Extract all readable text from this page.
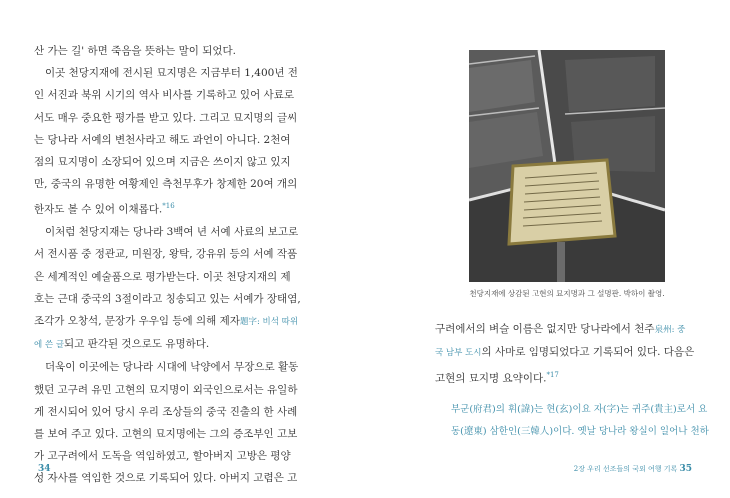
산 가는 길' 하면 죽음을 뜻하는 말이 되었다.
이곳 천당지재에 전시된 묘지명은 지금부터 1,400년 전
인 서진과 북위 시기의 역사 비사를 기록하고 있어 사료로
서도 매우 중요한 평가를 받고 있다. 그리고 묘지명의 글씨
는 당나라 서예의 변천사라고 해도 과언이 아니다. 2천여
점의 묘지명이 소장되어 있으며 지금은 쓰이지 않고 있지
만, 중국의 유명한 여황제인 측천무후가 창제한 20여 개의
한자도 볼 수 있어 이채롭다.$^{*16}$
이처럼 천당지재는 당나라 3백여 년 서예 사료의 보고로
서 전시품 중 정관교, 미원장, 왕탁, 강유위 등의 서예 작품
은 세계적인 예술품으로 평가받는다. 이곳 천당지재의 제
호는 근대 중국의 3절이라고 칭송되고 있는 서예가 장태염,
조각가 오창석, 문장가 우우임 등에 의해 제자題字: 비석 따위
에 쓴 글되고 판각된 것으로도 유명하다.
더욱이 이곳에는 당나라 시대에 낙양에서 무장으로 활동
했던 고구려 유민 고현의 묘지명이 외국인으로서는 유일하
게 전시되어 있어 당시 우리 조상들의 중국 진출의 한 사례
를 보여 주고 있다. 고현의 묘지명에는 그의 증조부인 고보
가 고구려에서 도독을 역임하였고, 할아버지 고방은 평양
성 자사를 역임한 것으로 기록되어 있다. 아버지 고렴은 고
34
천당지재에 상감된 고현의 묘지명과 그 설명판. 박하이 촬영.
구려에서의 벼슬 이름은 없지만 당나라에서 천주泉州: 중
국 남부 도시의 사마로 임명되었다고 기록되어 있다. 다음은
고현의 묘지명 요약이다.$^{*17}$
부군(府君)의 휘(諱)는 현(玄)이요 자(字)는 귀주(貴主)로서 요
동(遼東) 삼한인(三韓人)이다. 옛날 당나라 왕실이 일어나 천하
2장 우리 선조들의 국외 여행 기록 35
